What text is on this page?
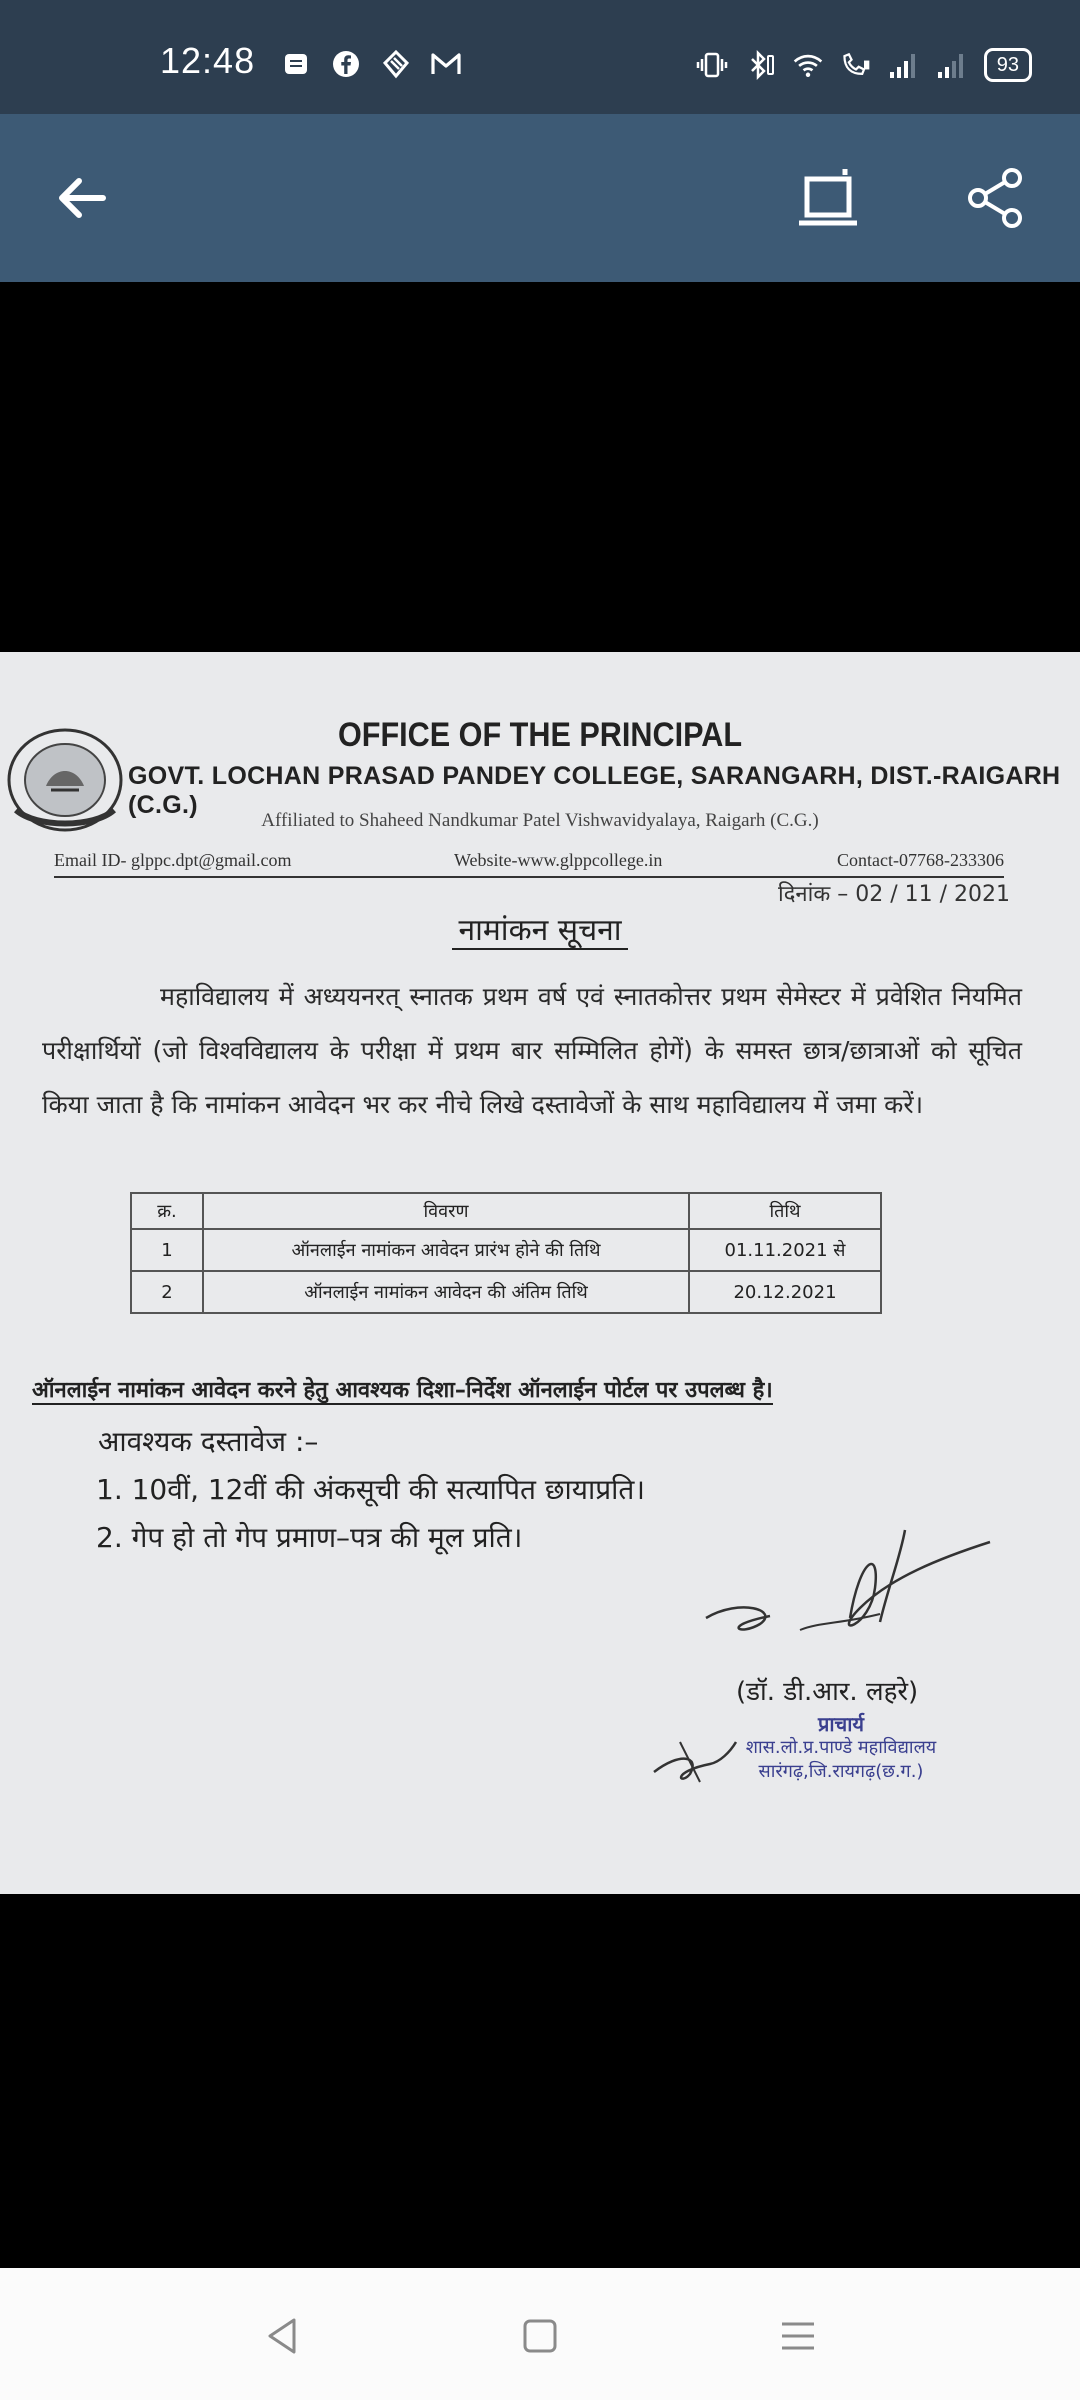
12:48	93
OFFICE OF THE PRINCIPAL
GOVT. LOCHAN PRASAD PANDEY COLLEGE, SARANGARH, DIST.-RAIGARH (C.G.)
Affiliated to Shaheed Nandkumar Patel Vishwavidyalaya, Raigarh (C.G.)
Email ID- glppc.dpt@gmail.com	Website-www.glppcollege.in	Contact-07768-233306
दिनांक – 02 / 11 / 2021
नामांकन सूचना
महाविद्यालय में अध्ययनरत् स्नातक प्रथम वर्ष एवं स्नातकोत्तर प्रथम सेमेस्टर में प्रवेशित नियमित परीक्षार्थियों (जो विश्वविद्यालय के परीक्षा में प्रथम बार सम्मिलित होगें) के समस्त छात्र/छात्राओं को सूचित किया जाता है कि नामांकन आवेदन भर कर नीचे लिखे दस्तावेजों के साथ महाविद्यालय में जमा करें।
क्र.	विवरण	तिथि
1	ऑनलाईन नामांकन आवेदन प्रारंभ होने की तिथि	01.11.2021 से
2	ऑनलाईन नामांकन आवेदन की अंतिम तिथि	20.12.2021
ऑनलाईन नामांकन आवेदन करने हेतु आवश्यक दिशा–निर्देश ऑनलाईन पोर्टल पर उपलब्ध है।
आवश्यक दस्तावेज :–
1. 10वीं, 12वीं की अंकसूची की सत्यापित छायाप्रति।
2. गेप हो तो गेप प्रमाण–पत्र की मूल प्रति।
(डॉ. डी.आर. लहरे)
प्राचार्य
शास.लो.प्र.पाण्डे महाविद्यालय
सारंगढ़,जि.रायगढ़(छ.ग.)
